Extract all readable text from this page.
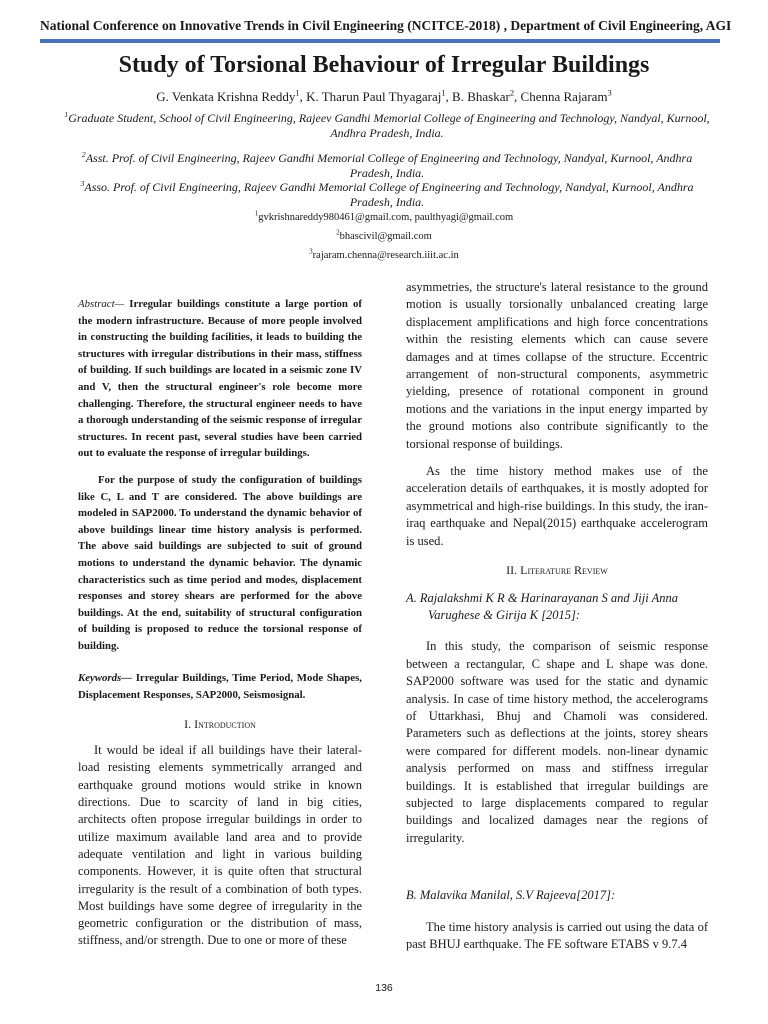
National Conference on Innovative Trends in Civil Engineering (NCITCE-2018) , Department of Civil Engineering, AGI
Study of Torsional Behaviour of Irregular Buildings
G. Venkata Krishna Reddy$^1$, K. Tharun Paul Thyagaraj$^1$, B. Bhaskar$^2$, Chenna Rajaram$^3$
$^1$Graduate Student, School of Civil Engineering, Rajeev Gandhi Memorial College of Engineering and Technology, Nandyal, Kurnool, Andhra Pradesh, India.
$^2$Asst. Prof. of Civil Engineering, Rajeev Gandhi Memorial College of Engineering and Technology, Nandyal, Kurnool, Andhra Pradesh, India.
$^3$Asso. Prof. of Civil Engineering, Rajeev Gandhi Memorial College of Engineering and Technology, Nandyal, Kurnool, Andhra Pradesh, India.
$^1$gvkrishnareddy980461@gmail.com, paulthyagi@gmail.com
$^2$bhascivil@gmail.com
$^3$rajaram.chenna@research.iiit.ac.in

Abstract— Irregular buildings constitute a large portion of the modern infrastructure. Because of more people involved in constructing the building facilities, it leads to building the structures with irregular distributions in their mass, stiffness of building. If such buildings are located in a seismic zone IV and V, then the structural engineer's role become more challenging. Therefore, the structural engineer needs to have a thorough understanding of the seismic response of irregular structures. In recent past, several studies have been carried out to evaluate the response of irregular buildings.

For the purpose of study the configuration of buildings like C, L and T are considered. The above buildings are modeled in SAP2000. To understand the dynamic behavior of above buildings linear time history analysis is performed. The above said buildings are subjected to suit of ground motions to understand the dynamic behavior. The dynamic characteristics such as time period and modes, displacement responses and storey shears are performed for the above buildings. At the end, suitability of structural configuration of building is proposed to reduce the torsional response of building.

Keywords— Irregular Buildings, Time Period, Mode Shapes, Displacement Responses, SAP2000, Seismosignal.
I. Introduction

It would be ideal if all buildings have their lateral-load resisting elements symmetrically arranged and earthquake ground motions would strike in known directions. Due to scarcity of land in big cities, architects often propose irregular buildings in order to utilize maximum available land area and to provide adequate ventilation and light in various building components. However, it is quite often that structural irregularity is the result of a combination of both types. Most buildings have some degree of irregularity in the geometric configuration or the distribution of mass, stiffness, and/or strength. Due to one or more of these

asymmetries, the structure's lateral resistance to the ground motion is usually torsionally unbalanced creating large displacement amplifications and high force concentrations within the resisting elements which can cause severe damages and at times collapse of the structure. Eccentric arrangement of non-structural components, asymmetric yielding, presence of rotational component in ground motions and the variations in the input energy imparted by the ground motions also contribute significantly to the torsional response of buildings.

As the time history method makes use of the acceleration details of earthquakes, it is mostly adopted for asymmetrical and high-rise buildings. In this study, the iran-iraq earthquake and Nepal(2015) earthquake accelerogram is used.

II. Literature Review
A. Rajalakshmi K R & Harinarayanan S and Jiji Anna Varughese & Girija K [2015]:

In this study, the comparison of seismic response between a rectangular, C shape and L shape was done. SAP2000 software was used for the static and dynamic analysis. In case of time history method, the accelerograms of Uttarkhasi, Bhuj and Chamoli was considered. Parameters such as deflections at the joints, storey shears were compared for different models. non-linear dynamic analysis performed on mass and stiffness irregular buildings. It is established that irregular buildings are subjected to large displacements compared to regular buildings and localized damages near the regions of irregularity.

B. Malavika Manilal, S.V Rajeeva[2017]:

The time history analysis is carried out using the data of past BHUJ earthquake. The FE software ETABS v 9.7.4

136
